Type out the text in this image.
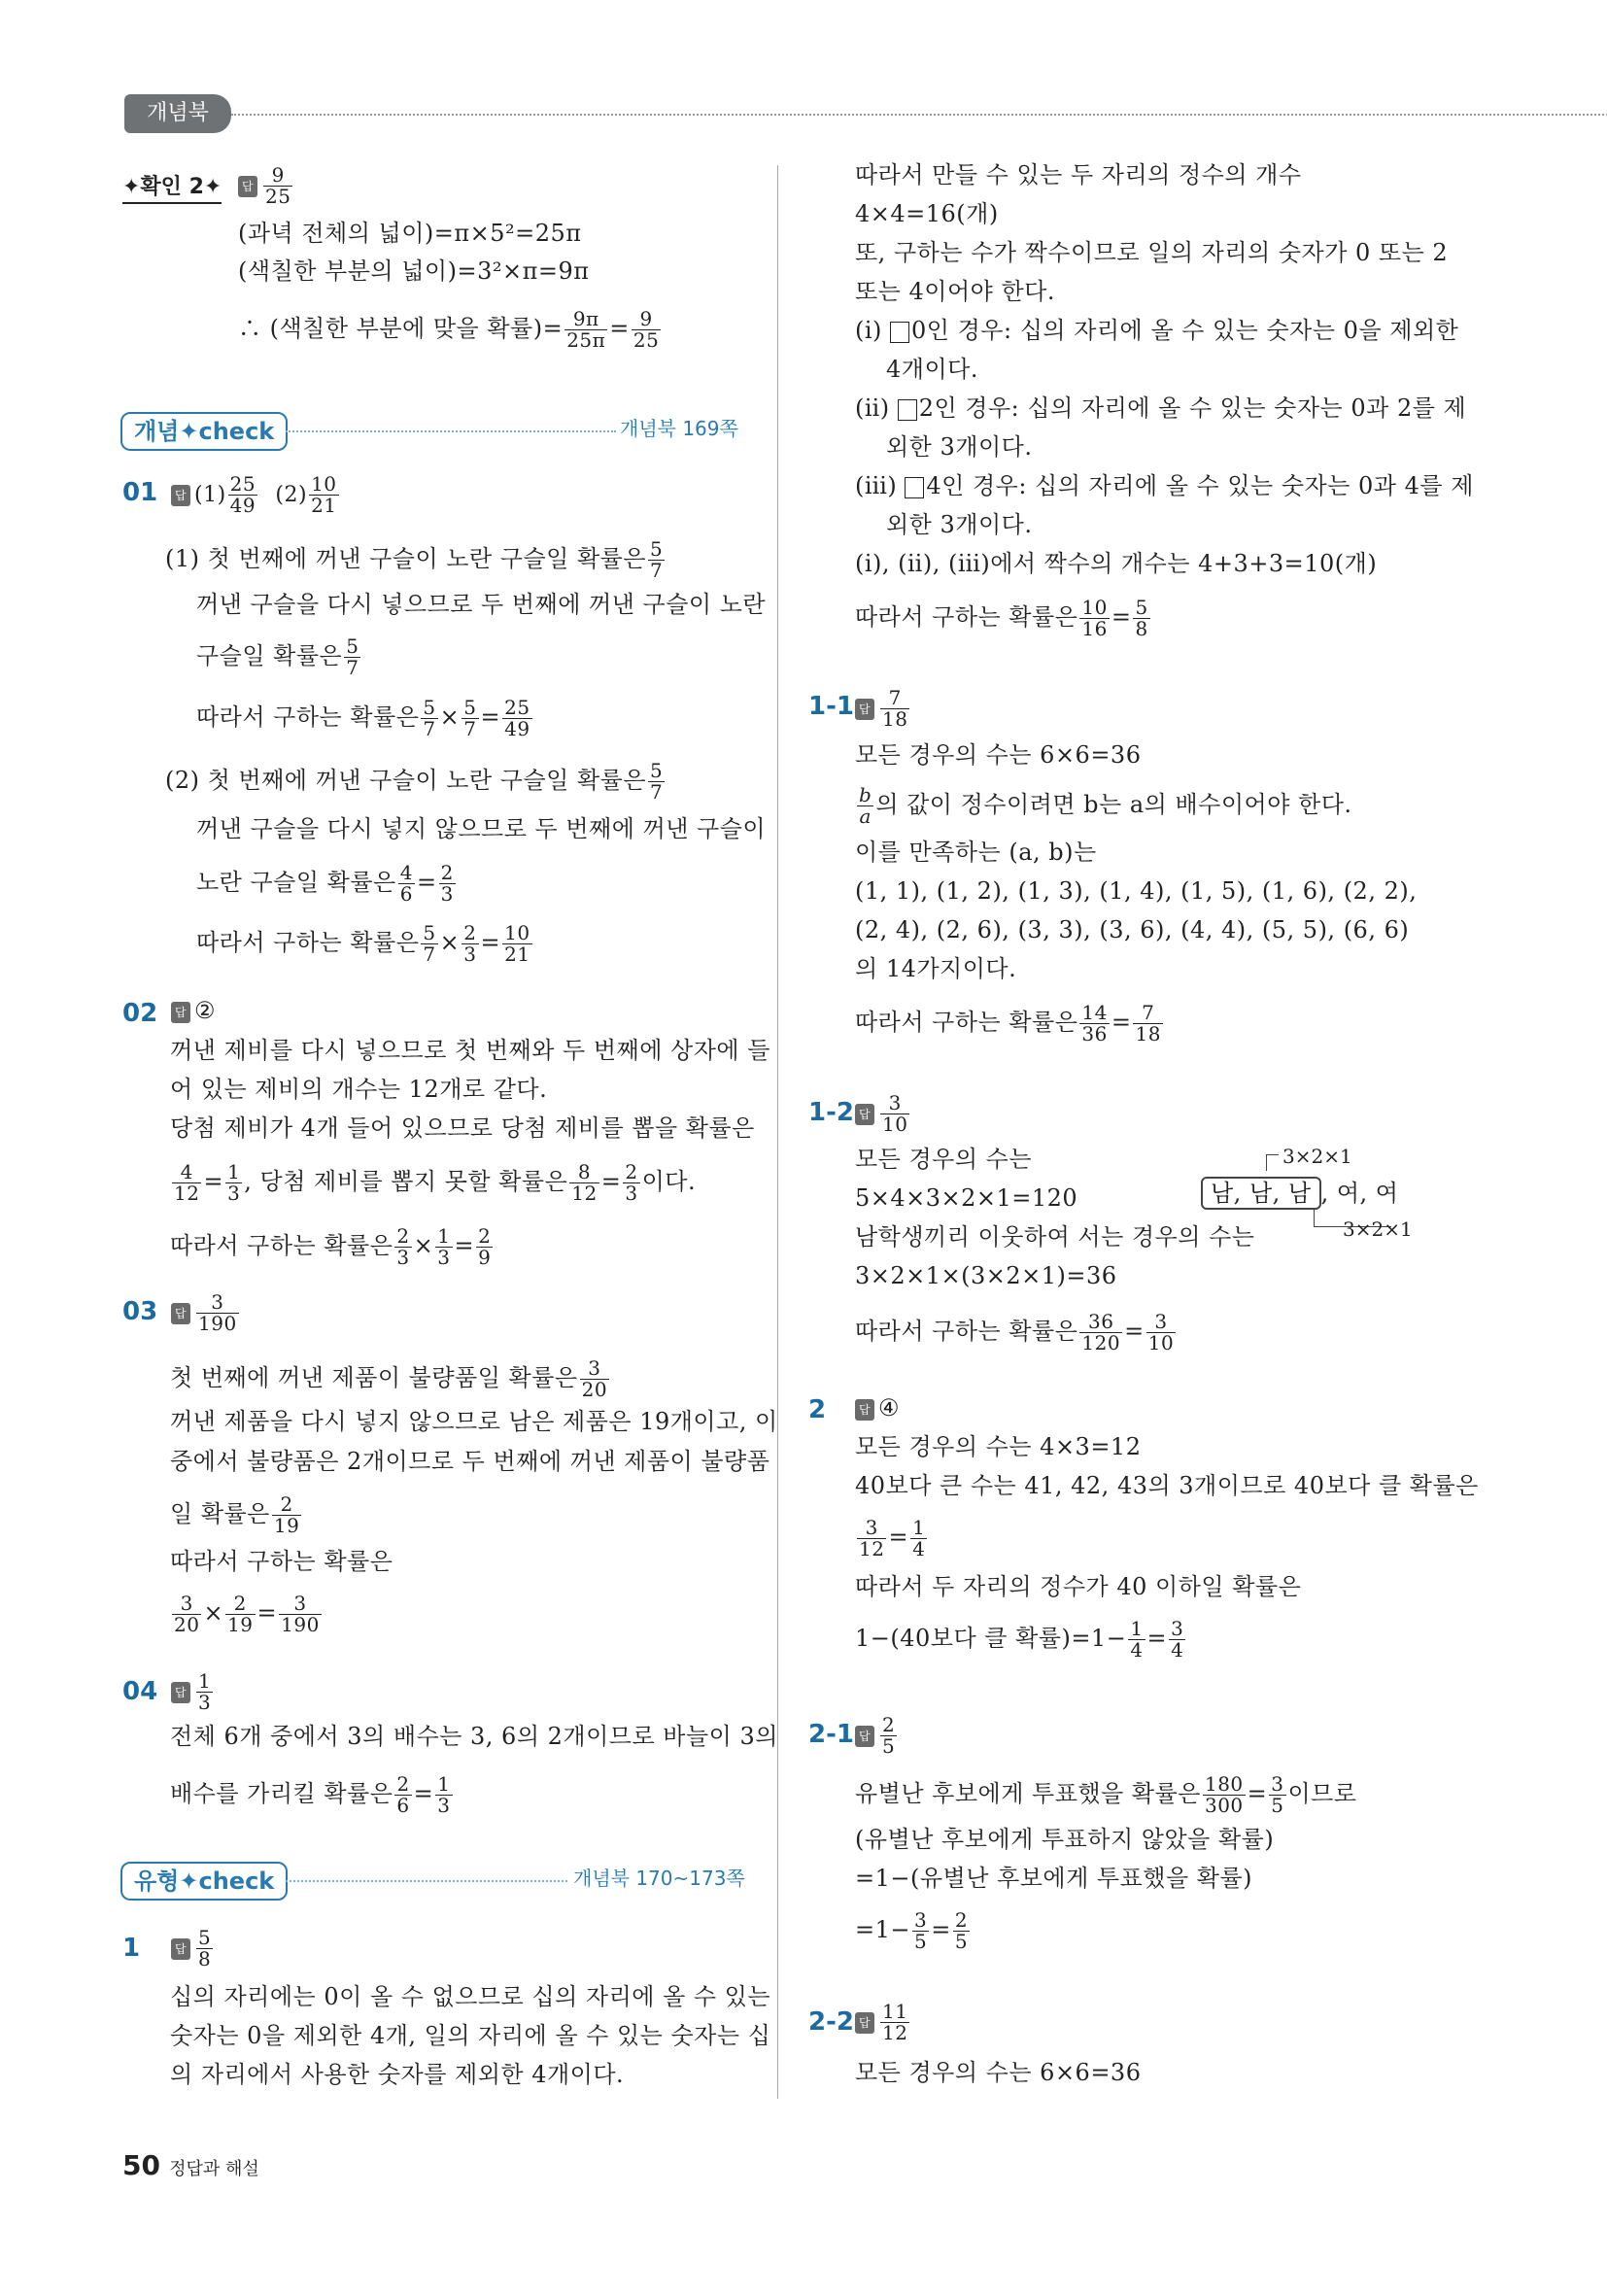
개념북
✦확인 2✦	답 $\frac{9}{25}$
(과녁 전체의 넓이)=π×5²=25π
(색칠한 부분의 넓이)=3²×π=9π
∴ (색칠한 부분에 맞을 확률)= $\frac{9\pi}{25\pi} = \frac{9}{25}$
개념✦check	개념북 169쪽
01	답 $(1) \frac{25}{49} (2) \frac{10}{21}$
(1) 첫 번째에 꺼낸 구슬이 노란 구슬일 확률은 $\frac{5}{7}$
꺼낸 구슬을 다시 넣으므로 두 번째에 꺼낸 구슬이 노란
구슬일 확률은 $\frac{5}{7}$
따라서 구하는 확률은 $\frac{5}{7} \times \frac{5}{7} = \frac{25}{49}$
(2) 첫 번째에 꺼낸 구슬이 노란 구슬일 확률은 $\frac{5}{7}$
꺼낸 구슬을 다시 넣지 않으므로 두 번째에 꺼낸 구슬이
노란 구슬일 확률은 $\frac{4}{6} = \frac{2}{3}$
따라서 구하는 확률은 $\frac{5}{7} \times \frac{2}{3} = \frac{10}{21}$
02	답 ②
꺼낸 제비를 다시 넣으므로 첫 번째와 두 번째에 상자에 들
어 있는 제비의 개수는 12개로 같다.
당첨 제비가 4개 들어 있으므로 당첨 제비를 뽑을 확률은
$\frac{4}{12} = \frac{1}{3}$ , 당첨 제비를 뽑지 못할 확률은 $\frac{8}{12} = \frac{2}{3}$ 이다.
따라서 구하는 확률은 $\frac{2}{3} \times \frac{1}{3} = \frac{2}{9}$
03	답 $\frac{3}{190}$
첫 번째에 꺼낸 제품이 불량품일 확률은 $\frac{3}{20}$
꺼낸 제품을 다시 넣지 않으므로 남은 제품은 19개이고, 이
중에서 불량품은 2개이므로 두 번째에 꺼낸 제품이 불량품
일 확률은 $\frac{2}{19}$
따라서 구하는 확률은
$\frac{3}{20} \times \frac{2}{19} = \frac{3}{190}$
04	답 $\frac{1}{3}$
전체 6개 중에서 3의 배수는 3, 6의 2개이므로 바늘이 3의
배수를 가리킬 확률은 $\frac{2}{6} = \frac{1}{3}$
유형✦check	개념북 170~173쪽
1	답 $\frac{5}{8}$
십의 자리에는 0이 올 수 없으므로 십의 자리에 올 수 있는
숫자는 0을 제외한 4개, 일의 자리에 올 수 있는 숫자는 십
의 자리에서 사용한 숫자를 제외한 4개이다.
따라서 만들 수 있는 두 자리의 정수의 개수
4×4=16(개)
또, 구하는 수가 짝수이므로 일의 자리의 숫자가 0 또는 2
또는 4이어야 한다.
(ⅰ) 0인 경우: 십의 자리에 올 수 있는 숫자는 0을 제외한
4개이다.
(ⅱ) 2인 경우: 십의 자리에 올 수 있는 숫자는 0과 2를 제
외한 3개이다.
(ⅲ) 4인 경우: 십의 자리에 올 수 있는 숫자는 0과 4를 제
외한 3개이다.
(ⅰ), (ⅱ), (ⅲ)에서 짝수의 개수는 4+3+3=10(개)
따라서 구하는 확률은 $\frac{10}{16} = \frac{5}{8}$
1-1 답 $\frac{7}{18}$
모든 경우의 수는 6×6=36
$\frac{b}{a}$ 의 값이 정수이려면 b는 a의 배수이어야 한다.
이를 만족하는 (a, b)는
(1, 1), (1, 2), (1, 3), (1, 4), (1, 5), (1, 6), (2, 2),
(2, 4), (2, 6), (3, 3), (3, 6), (4, 4), (5, 5), (6, 6)
의 14가지이다.
따라서 구하는 확률은 $\frac{14}{36} = \frac{7}{18}$
1-2 답 $\frac{3}{10}$
모든 경우의 수는
5×4×3×2×1=120
남학생끼리 이웃하여 서는 경우의 수는
3×2×1×(3×2×1)=36
따라서 구하는 확률은 $\frac{36}{120} = \frac{3}{10}$
3×2×1
남, 남, 남 , 여, 여
3×2×1
2	답 ④
모든 경우의 수는 4×3=12
40보다 큰 수는 41, 42, 43의 3개이므로 40보다 클 확률은
$\frac{3}{12} = \frac{1}{4}$
따라서 두 자리의 정수가 40 이하일 확률은
1−(40보다 클 확률)$=1- \frac{1}{4} = \frac{3}{4}$
2-1 답 $\frac{2}{5}$
유별난 후보에게 투표했을 확률은 $\frac{180}{300} = \frac{3}{5}$ 이므로
(유별난 후보에게 투표하지 않았을 확률)
=1−(유별난 후보에게 투표했을 확률)
$=1- \frac{3}{5} = \frac{2}{5}$
2-2 답 $\frac{11}{12}$
모든 경우의 수는 6×6=36
50 정답과 해설
